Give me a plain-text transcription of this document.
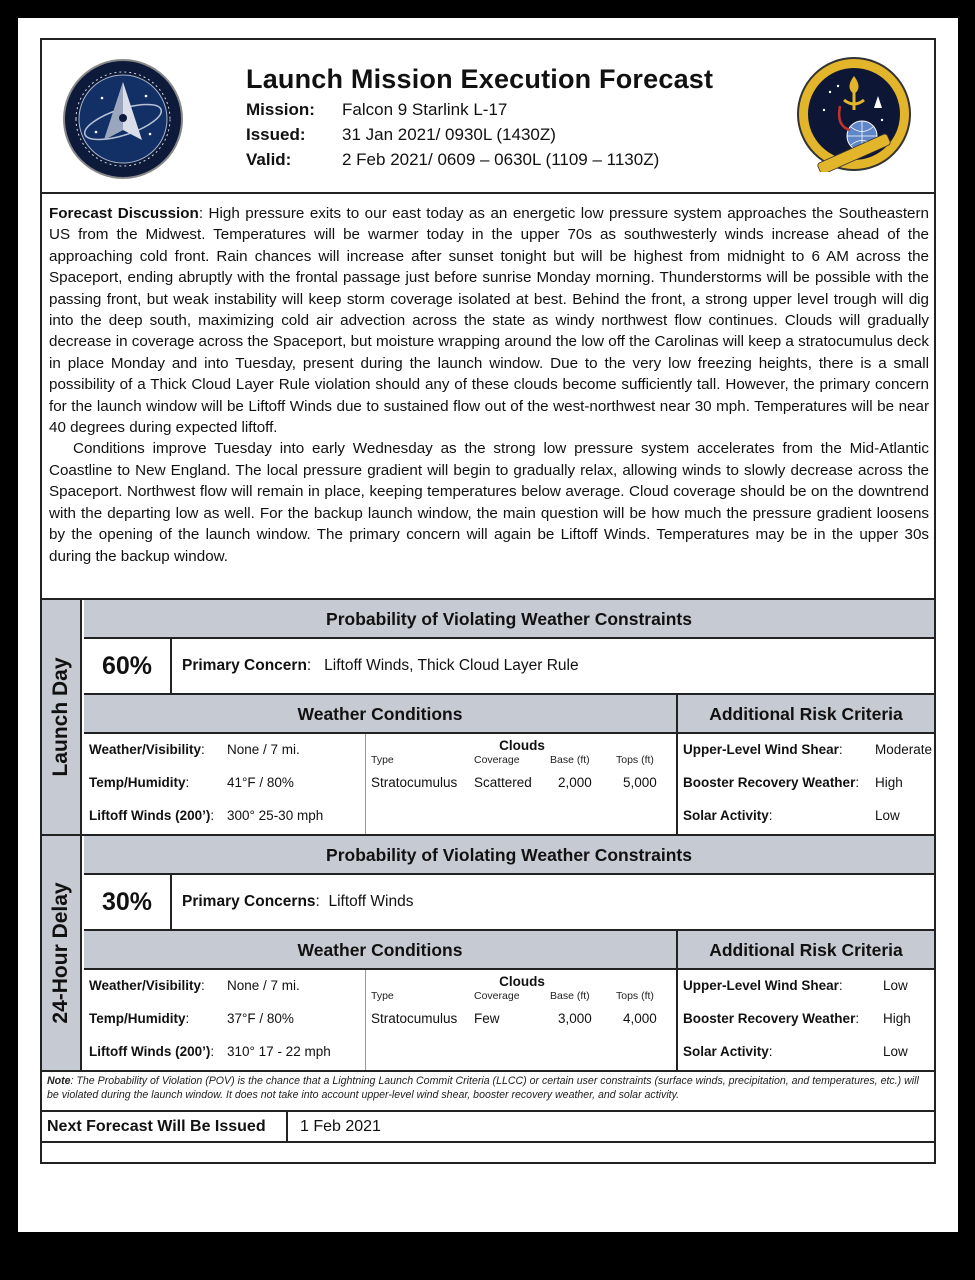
Launch Mission Execution Forecast
Mission: Falcon 9 Starlink L-17
Issued: 31 Jan 2021/ 0930L (1430Z)
Valid:	2 Feb 2021/ 0609 – 0630L (1109 – 1130Z)

Forecast Discussion: High pressure exits to our east today as an energetic low pressure system approaches the Southeastern US from the Midwest. Temperatures will be warmer today in the upper 70s as southwesterly winds increase ahead of the approaching cold front. Rain chances will increase after sunset tonight but will be highest from midnight to 6 AM across the Spaceport, ending abruptly with the frontal passage just before sunrise Monday morning. Thunderstorms will be possible with the passing front, but weak instability will keep storm coverage isolated at best. Behind the front, a strong upper level trough will dig into the deep south, maximizing cold air advection across the state as windy northwest flow continues. Clouds will gradually decrease in coverage across the Spaceport, but moisture wrapping around the low off the Carolinas will keep a stratocumulus deck in place Monday and into Tuesday, present during the launch window. Due to the very low freezing heights, there is a small possibility of a Thick Cloud Layer Rule violation should any of these clouds become sufficiently tall. However, the primary concern for the launch window will be Liftoff Winds due to sustained flow out of the west-northwest near 30 mph. Temperatures will be near 40 degrees during expected liftoff.

Conditions improve Tuesday into early Wednesday as the strong low pressure system accelerates from the Mid-Atlantic Coastline to New England. The local pressure gradient will begin to gradually relax, allowing winds to slowly decrease across the Spaceport. Northwest flow will remain in place, keeping temperatures below average. Cloud coverage should be on the downtrend with the departing low as well. For the backup launch window, the main question will be how much the pressure gradient loosens by the opening of the launch window. The primary concern will again be Liftoff Winds. Temperatures may be in the upper 30s during the backup window.

Launch Day
Probability of Violating Weather Constraints
60%	Primary Concern:   Liftoff Winds, Thick Cloud Layer Rule
Weather Conditions	Additional Risk Criteria
Weather/Visibility: None / 7 mi.
Temp/Humidity:	41°F / 80%
Liftoff Winds (200’): 300° 25-30 mph
Clouds
Type	Coverage	Base (ft)	Tops (ft)
Stratocumulus Scattered 2,000 5,000
Upper-Level Wind Shear: Moderate
Booster Recovery Weather: High
Solar Activity:	Low
24-Hour Delay
Probability of Violating Weather Constraints
30%	Primary Concerns:  Liftoff Winds
Weather Conditions	Additional Risk Criteria
Weather/Visibility: None / 7 mi.
Temp/Humidity:	37°F / 80%
Liftoff Winds (200’): 310° 17 - 22 mph
Clouds
Type	Coverage	Base (ft)	Tops (ft)
Stratocumulus Few	3,000 4,000
Upper-Level Wind Shear:	Low
Booster Recovery Weather: High
Solar Activity:	Low
Note: The Probability of Violation (POV) is the chance that a Lightning Launch Commit Criteria (LLCC) or certain user constraints (surface winds, precipitation, and temperatures, etc.) will be violated during the launch window. It does not take into account upper-level wind shear, booster recovery weather, and solar activity.
Next Forecast Will Be Issued	1 Feb 2021
